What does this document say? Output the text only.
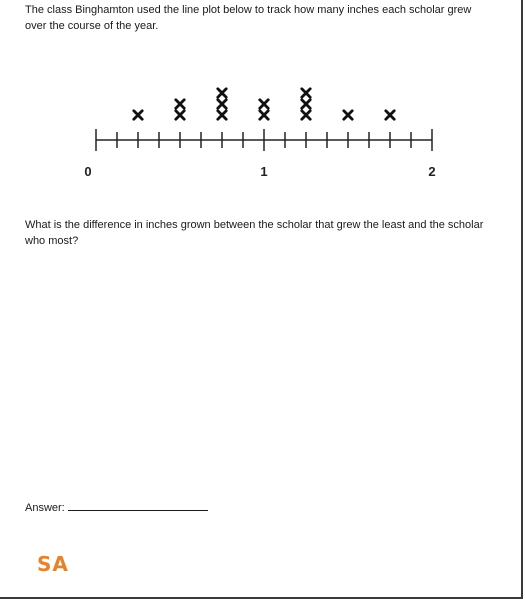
The class Binghamton used the line plot below to track how many inches each scholar grew over the course of the year.

0	1	2

What is the difference in inches grown between the scholar that grew the least and the scholar who most?

Answer:
SA
